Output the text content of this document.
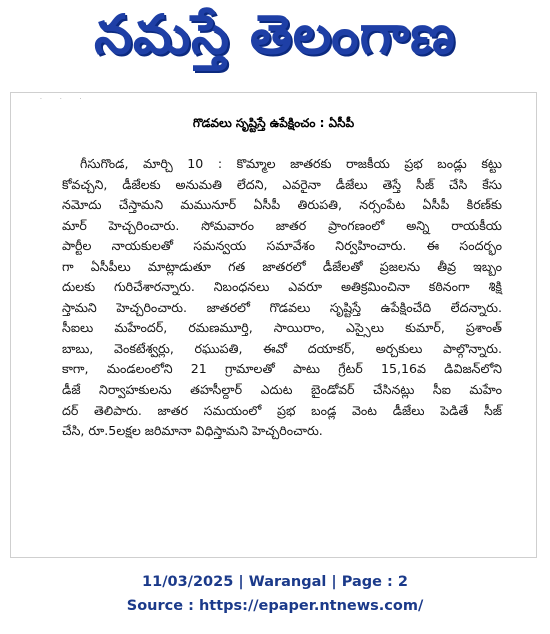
నమస్తే తెలంగాణ
· · ·
గొడవలు సృష్టిస్తే ఉపేక్షించం : ఏసీపీ
గీసుగొండ, మార్చి 10 : కొమ్మాల జాతరకు రాజకీయ ప్రభ బండ్లు కట్టు
కోవచ్చని, డీజేలకు అనుమతి లేదని, ఎవరైనా డీజేలు తెస్తే సీజ్ చేసి కేసు
నమోదు చేస్తామని మమునూర్ ఏసీపీ తిరుపతి, నర్సంపేట ఏసీపీ కిరణ్‌కు
మార్ హెచ్చరించారు. సోమవారం జాతర ప్రాంగణంలో అన్ని రాయకీయ
పార్టీల నాయకులతో సమన్వయ సమావేశం నిర్వహించారు. ఈ సందర్భం
గా ఏసీపీలు మాట్లాడుతూ గత జాతరలో డీజేలతో ప్రజలను తీవ్ర ఇబ్బం
దులకు గురిచేశారన్నారు. నిబంధనలు ఎవరూ అతిక్రమించినా కఠినంగా శిక్షి
స్తామని హెచ్చరించారు. జాతరలో గొడవలు సృష్టిస్తే ఉపేక్షించేది లేదన్నారు.
సీఐలు మహేందర్, రమణమూర్తి, సాయిరాం, ఎస్సైలు కుమార్, ప్రశాంత్
బాబు, వెంకటేశ్వర్లు, రఘుపతి, ఈవో దయాకర్, అర్చకులు పాల్గొన్నారు.
కాగా, మండలంలోని 21 గ్రామాలతో పాటు గ్రేటర్ 15,16వ డివిజన్‌లోని
డీజే నిర్వాహకులను తహసీల్దార్ ఎదుట బైండోవర్ చేసినట్లు సీఐ మహేం
దర్ తెలిపారు. జాతర సమయంలో ప్రభ బండ్ల వెంట డీజేలు పెడితే సీజ్
చేసి, రూ.5లక్షల జరిమానా విధిస్తామని హెచ్చరించారు.
11/03/2025 | Warangal | Page : 2
Source : https://epaper.ntnews.com/
